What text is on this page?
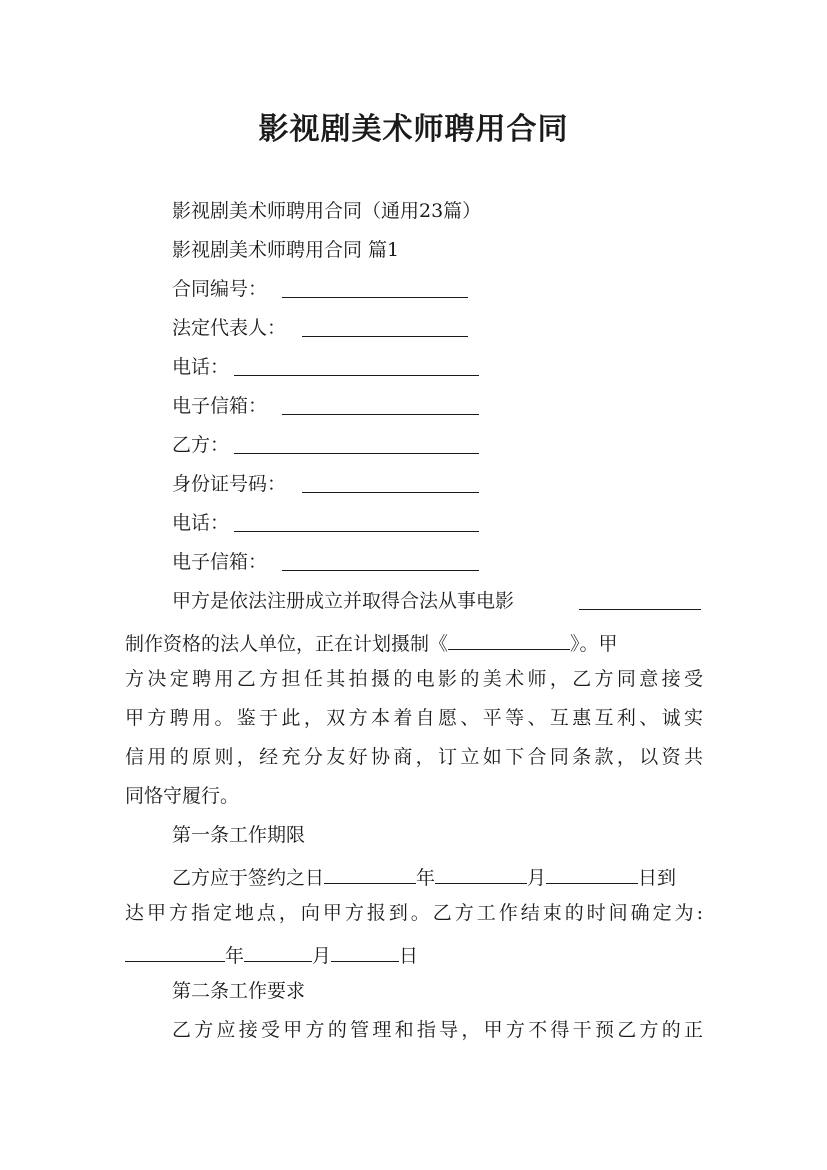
影视剧美术师聘用合同
影视剧美术师聘用合同（通用23篇）
影视剧美术师聘用合同 篇1
合同编号：
法定代表人：
电话：
电子信箱：
乙方：
身份证号码：
电话：
电子信箱：
甲方是依法注册成立并取得合法从事电影
制作资格的法人单位，正在计划摄制《	》。甲
方决定聘用乙方担任其拍摄的电影的美术师，乙方同意接受
甲方聘用。鉴于此，双方本着自愿、平等、互惠互利、诚实
信用的原则，经充分友好协商，订立如下合同条款，以资共
同恪守履行。
第一条工作期限
乙方应于签约之日	年	月	日到
达甲方指定地点，向甲方报到。乙方工作结束的时间确定为:
年	月	日
第二条工作要求
乙方应接受甲方的管理和指导，甲方不得干预乙方的正
